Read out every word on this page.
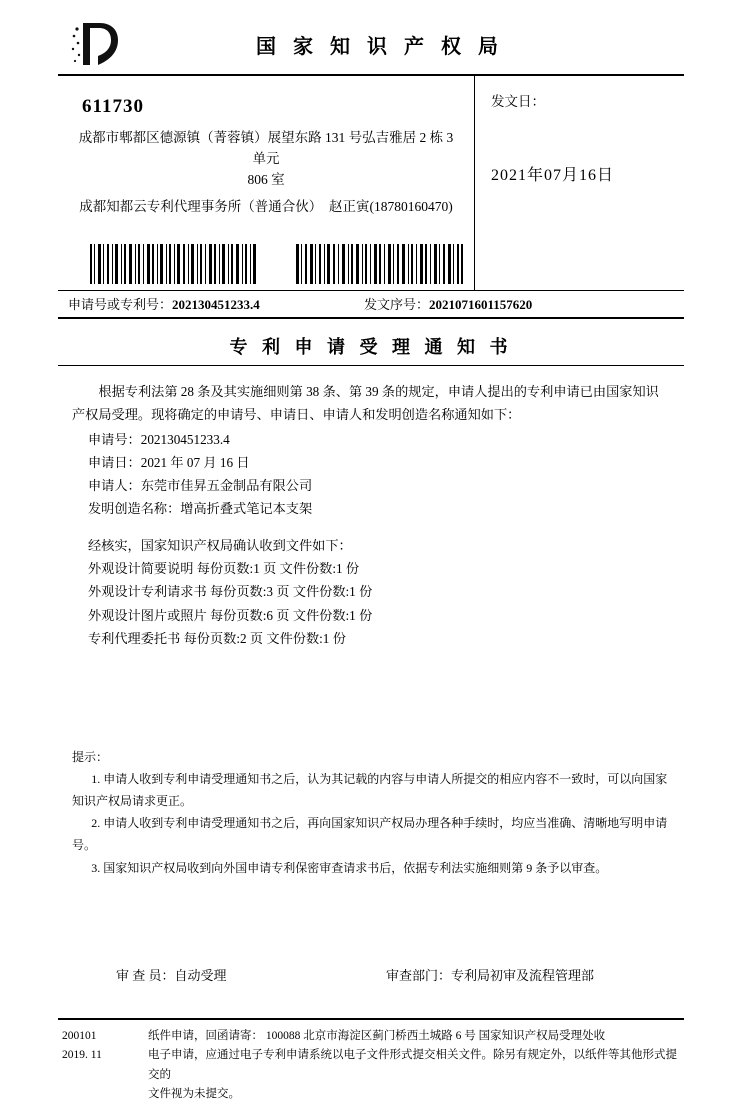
国 家 知 识 产 权 局
611730
成都市郫都区德源镇（菁蓉镇）展望东路 131 号弘吉雅居 2 栋 3 单元
806 室
成都知都云专利代理事务所（普通合伙）　赵正寅(18780160470)
发文日：
2021年07月16日
申请号或专利号：202130451233.4	发文序号：2021071601157620
专 利 申 请 受 理 通 知 书
根据专利法第 28 条及其实施细则第 38 条、第 39 条的规定，申请人提出的专利申请已由国家知识产权局受理。现将确定的申请号、申请日、申请人和发明创造名称通知如下：
申请号：202130451233.4
申请日：2021 年 07 月 16 日
申请人：东莞市佳昇五金制品有限公司
发明创造名称：增高折叠式笔记本支架
经核实，国家知识产权局确认收到文件如下：
外观设计简要说明 每份页数:1 页 文件份数:1 份
外观设计专利请求书 每份页数:3 页 文件份数:1 份
外观设计图片或照片 每份页数:6 页 文件份数:1 份
专利代理委托书 每份页数:2 页 文件份数:1 份
提示：
1. 申请人收到专利申请受理通知书之后，认为其记载的内容与申请人所提交的相应内容不一致时，可以向国家知识产权局请求更正。
2. 申请人收到专利申请受理通知书之后，再向国家知识产权局办理各种手续时，均应当准确、清晰地写明申请号。
3. 国家知识产权局收到向外国申请专利保密审查请求书后，依据专利法实施细则第 9 条予以审查。
审 查 员：自动受理	审查部门：专利局初审及流程管理部
200101
2019. 11
纸件申请，回函请寄： 100088 北京市海淀区蓟门桥西土城路 6 号 国家知识产权局受理处收
电子申请，应通过电子专利申请系统以电子文件形式提交相关文件。除另有规定外，以纸件等其他形式提交的
文件视为未提交。
